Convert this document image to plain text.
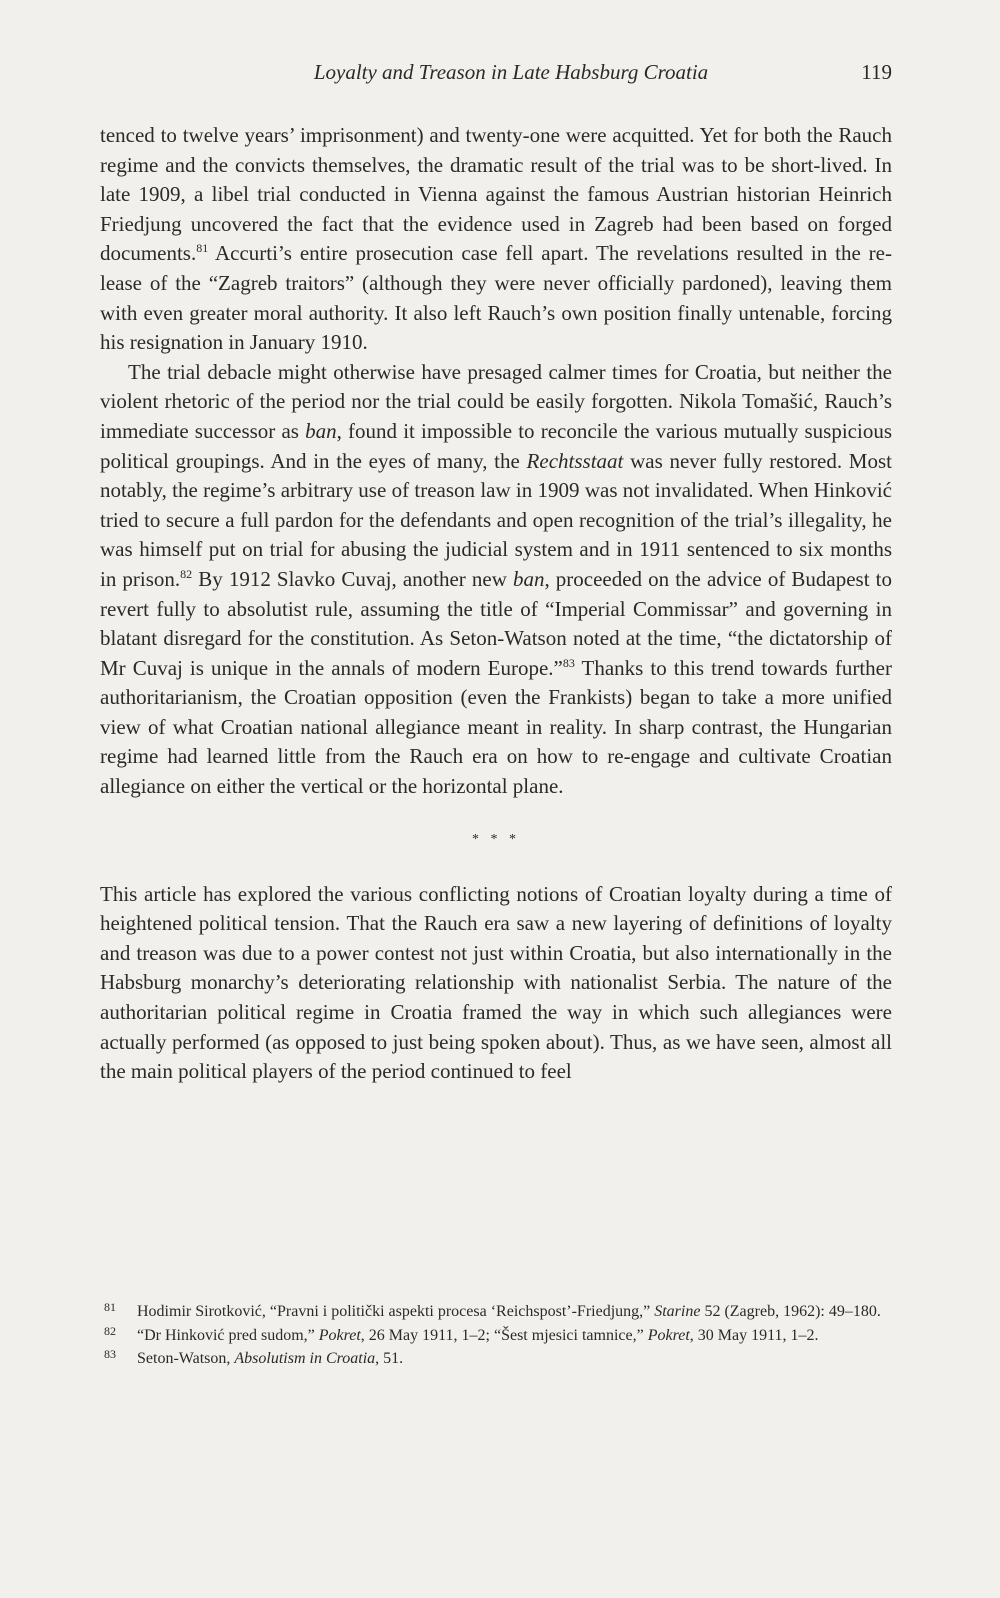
Loyalty and Treason in Late Habsburg Croatia	119

tenced to twelve years’ imprisonment) and twenty-one were acquitted. Yet for both the Rauch regime and the convicts themselves, the dramatic result of the trial was to be short-lived. In late 1909, a libel trial conducted in Vienna against the famous Austrian historian Heinrich Friedjung uncovered the fact that the evidence used in Zagreb had been based on forged documents.$^{81}$ Accurti’s entire prosecution case fell apart. The revelations resulted in the release of the “Zagreb traitors” (although they were never officially pardoned), leaving them with even greater moral authority. It also left Rauch’s own position finally untenable, forcing his resignation in January 1910.

The trial debacle might otherwise have presaged calmer times for Croatia, but neither the violent rhetoric of the period nor the trial could be easily forgotten. Nikola Tomašić, Rauch’s immediate successor as ban, found it impossible to reconcile the various mutually suspicious political groupings. And in the eyes of many, the Rechtsstaat was never fully restored. Most notably, the regime’s arbitrary use of treason law in 1909 was not invalidated. When Hinković tried to secure a full pardon for the defendants and open recognition of the trial’s illegality, he was himself put on trial for abusing the judicial system and in 1911 sentenced to six months in prison.$^{82}$ By 1912 Slavko Cuvaj, another new ban, proceeded on the advice of Budapest to revert fully to absolutist rule, assuming the title of “Imperial Commissar” and governing in blatant disregard for the constitution. As Seton-Watson noted at the time, “the dictatorship of Mr Cuvaj is unique in the annals of modern Europe.”$^{83}$ Thanks to this trend towards further authoritarianism, the Croatian opposition (even the Frankists) began to take a more unified view of what Croatian national allegiance meant in reality. In sharp contrast, the Hungarian regime had learned little from the Rauch era on how to re-engage and cultivate Croatian allegiance on either the vertical or the horizontal plane.

* * *

This article has explored the various conflicting notions of Croatian loyalty during a time of heightened political tension. That the Rauch era saw a new layering of definitions of loyalty and treason was due to a power contest not just within Croatia, but also internationally in the Habsburg monarchy’s deteriorating relationship with nationalist Serbia. The nature of the authoritarian political regime in Croatia framed the way in which such allegiances were actually performed (as opposed to just being spoken about). Thus, as we have seen, almost all the main political players of the period continued to feel

81 Hodimir Sirotković, “Pravni i politički aspekti procesa ‘Reichspost’-Friedjung,” Starine 52 (Zagreb, 1962): 49–180.
82 “Dr Hinković pred sudom,” Pokret, 26 May 1911, 1–2; “Šest mjesici tamnice,” Pokret, 30 May 1911, 1–2.
83 Seton-Watson, Absolutism in Croatia, 51.
